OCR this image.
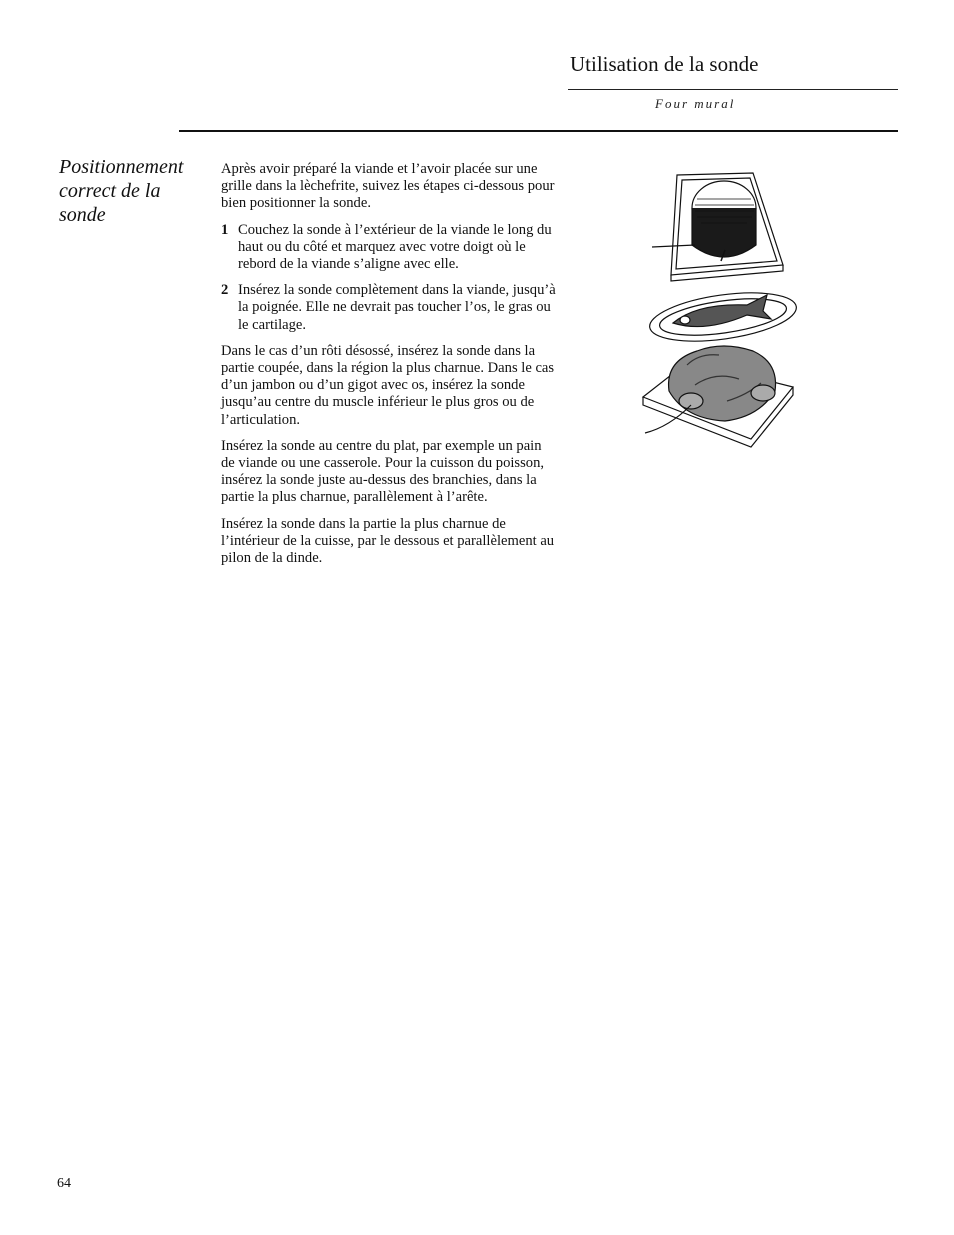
Utilisation de la sonde
Four mural
Positionnement correct de la sonde

Après avoir préparé la viande et l’avoir placée sur une grille dans la lèchefrite, suivez les étapes ci-dessous pour bien positionner la sonde.

1 Couchez la sonde à l’extérieur de la viande le long du haut ou du côté et marquez avec votre doigt où le rebord de la viande s’aligne avec elle.
2 Insérez la sonde complètement dans la viande, jusqu’à la poignée. Elle ne devrait pas toucher l’os, le gras ou le cartilage.

Dans le cas d’un rôti désossé, insérez la sonde dans la partie coupée, dans la région la plus charnue. Dans le cas d’un jambon ou d’un gigot avec os, insérez la sonde jusqu’au centre du muscle inférieur le plus gros ou de l’articulation.

Insérez la sonde au centre du plat, par exemple un pain de viande ou une casserole. Pour la cuisson du poisson, insérez la sonde juste au-dessus des branchies, dans la partie la plus charnue, parallèlement à l’arête.

Insérez la sonde dans la partie la plus charnue de l’intérieur de la cuisse, par le dessous et parallèlement au pilon de la dinde.

64
